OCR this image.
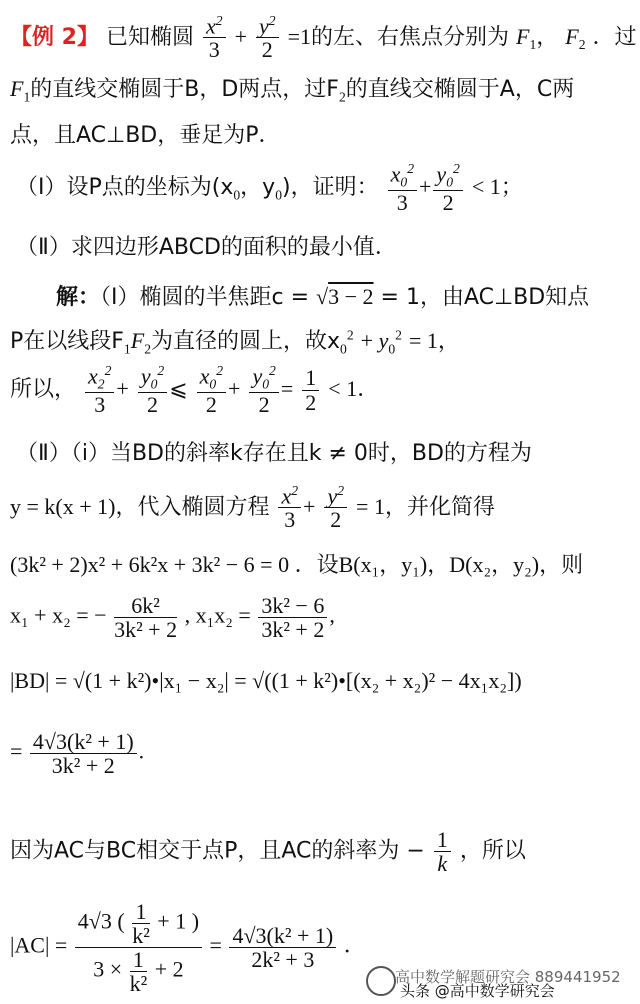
【例 2】 已知椭圆 $\frac{x^2}{3} + \frac{y^2}{2} =1$的左、右焦点分别为 $F_1$， $F_2$ ．过
$F_1$的直线交椭圆于B，D两点，过$F_2$的直线交椭圆于A，C两
点，且AC⊥BD，垂足为P．
（Ⅰ）设P点的坐标为($x_0$，$y_0$)，证明： $\frac{x_0^2}{3} + \frac{y_0^2}{2} < 1$；
（Ⅱ）求四边形ABCD的面积的最小值．
解：（Ⅰ）椭圆的半焦距c = √3 − 2 = 1，由AC⊥BD知点
P在以线段$F_1F_2$为直径的圆上，故$x_0^2 + y_0^2 = 1$，
所以， $\frac{x_2^2}{3} + \frac{y_0^2}{2}$ ⩽ $\frac{x_0^2}{2} + \frac{y_0^2}{2} = \frac{1}{2} < 1$．
（Ⅱ）（ⅰ）当BD的斜率k存在且k ≠ 0时，BD的方程为
y = k(x + 1)，代入椭圆方程 $\frac{x^2}{3} + \frac{y^2}{2} = 1$，并化简得
(3k² + 2)x² + 6k²x + 3k² − 6 = 0 ．设B(x₁，y₁)，D(x₂，y₂)，则
x₁ + x₂ = − $\frac{\text{6k²}}{\text{3k² + 2}}$ , $x_1x_2 = \frac{\text{3k² − 6}}{\text{3k² + 2}}$ ,
|BD| = √(1 + k²)•|x₁ − x₂| = √((1 + k²)•[(x₂ + x₂)² − 4x₁x₂])
= $\frac{\text{4√3(k² + 1)}}{\text{3k² + 2}}$ .
因为AC与BC相交于点P，且AC的斜率为 − $\frac{1}{k}$ ，所以
$|AC| = \frac{4√3 ( \frac{1}{\text{k²}} + 1 )}{3 \times \frac{1}{\text{k²}} + 2} = \frac{\text{4√3(k² + 1)}}{\text{2k² + 3}}$ ．
高中数学解题研究会 889441952
头条 @高中数学研究会
